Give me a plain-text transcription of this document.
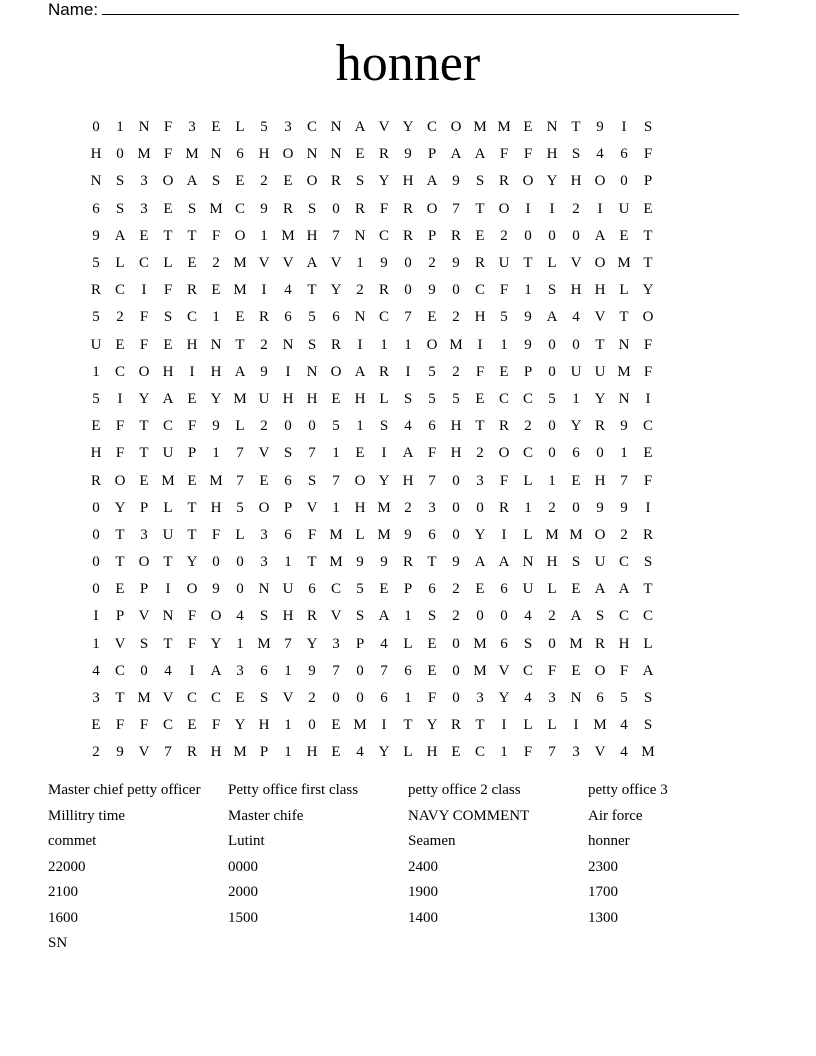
Name:
honner
0	1 N F	3	E L	5	3	C N A V Y C O M M E N T	9	I	S
H 0 M F M N 6 H O N N E R	9	P A A F	F H S	4	6	F
N S	3 O A S	E	2	E O R S Y H A 9	S R O Y H O 0	P
6	S	3	E	S M C	9	R S	0	R F R O 7	T O	I	I	2	I	U E
9 A E T T	F O 1 M H 7 N C R P R E	2	0	0	0 A E T
5	L C L E	2 M V V A V 1	9	0	2	9	R U T L V O M T
R C	I	F R E M I	4	T Y 2	R	0	9	0	C F	1	S H H L Y
5	2	F	S C	1	E R	6	5	6 N C	7	E	2 H 5	9 A 4 V T O
U E	F	E H N T	2 N S R	I	1	1 O M I	1	9	0	0	T N F
1	C O H	I	H A 9	I	N O A R	I	5	2	F	E	P	0 U U M F
5	I	Y A E Y M U H H E H L	S	5	5	E C C	5	1 Y N	I
E	F	T C F	9	L	2	0	0	5	1	S	4	6 H T R	2	0 Y R	9	C
H F	T U P	1	7 V S	7	1	E	I	A F H 2 O C	0	6	0	1	E
R O E M E M 7	E	6	S	7 O Y H 7	0	3	F	L	1	E H 7	F
0 Y P	L T H 5 O P V 1 H M 2	3	0	0	R	1	2	0	9	9	I
0	T	3 U T	F	L	3	6	F M L M 9	6	0 Y	I	L M M O 2	R
0	T O T Y 0	0	3	1	T M 9	9	R T	9 A A N H S U C S
0	E	P	I	O 9	0 N U 6	C	5	E	P	6	2	E	6 U L E A A T
I	P V N F O 4	S H R V S A 1	S	2	0	0	4	2 A S C C
1 V S	T	F Y 1 M 7 Y 3	P	4	L E	0 M 6	S	0 M R H L
4	C	0	4	I	A 3	6	1	9	7	0	7	6	E	0 M V C F	E O F A
3	T M V C C E	S V 2	0	0	6	1	F	0	3 Y 4	3 N 6	5	S
E	F	F C E	F Y H 1	0	E M I	T Y R T	I	L L	I M 4	S
2	9 V 7	R H M P	1 H E	4 Y L H E C	1	F	7	3 V 4 M
Master chief petty officer	Petty office first class	petty office 2 class	petty office 3
Millitry time	Master chife	NAVY COMMENT	Air force
commet	Lutint	Seamen	honner
22000	0000	2400	2300
2100	2000	1900	1700
1600	1500	1400	1300
SN
